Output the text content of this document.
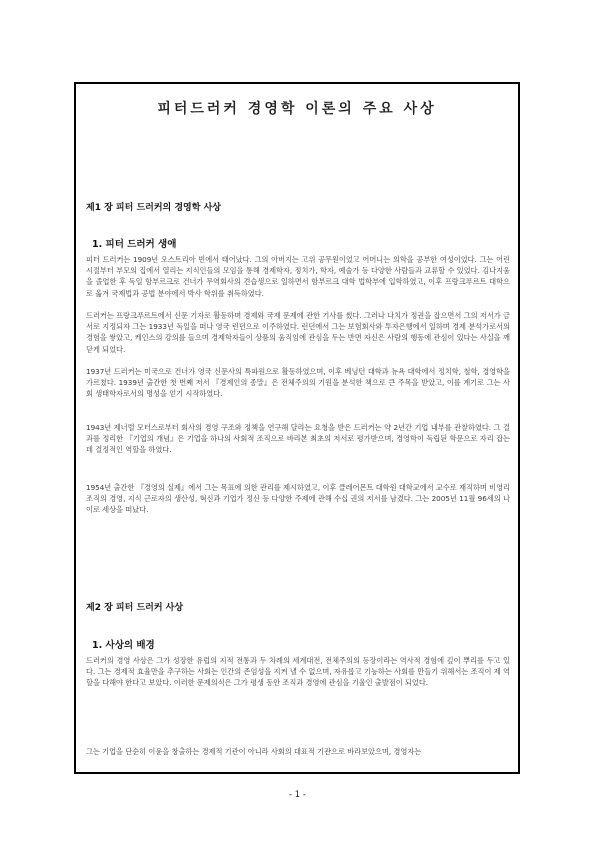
피터드러커 경영학 이론의 주요 사상
제1 장 피터 드러커의 경영학 사상
1. 피터 드러커 생애

피터 드러커는 1909년 오스트리아 빈에서 태어났다. 그의 아버지는 고위 공무원이었고 어머니는 의학을 공부한 여성이었다. 그는 어린 시절부터 부모의 집에서 열리는 지식인들의 모임을 통해 경제학자, 정치가, 학자, 예술가 등 다양한 사람들과 교류할 수 있었다. 김나지움을 졸업한 후 독일 함부르크로 건너가 무역회사의 견습생으로 일하면서 함부르크 대학 법학부에 입학하였고, 이후 프랑크푸르트 대학으로 옮겨 국제법과 공법 분야에서 박사 학위를 취득하였다.

드러커는 프랑크푸르트에서 신문 기자로 활동하며 경제와 국제 문제에 관한 기사를 썼다. 그러나 나치가 정권을 잡으면서 그의 저서가 금서로 지정되자 그는 1933년 독일을 떠나 영국 런던으로 이주하였다. 런던에서 그는 보험회사와 투자은행에서 일하며 경제 분석가로서의 경험을 쌓았고, 케인스의 강의를 들으며 경제학자들이 상품의 움직임에 관심을 두는 반면 자신은 사람의 행동에 관심이 있다는 사실을 깨닫게 되었다.

1937년 드러커는 미국으로 건너가 영국 신문사의 특파원으로 활동하였으며, 이후 베닝턴 대학과 뉴욕 대학에서 정치학, 철학, 경영학을 가르쳤다. 1939년 출간한 첫 번째 저서 『경제인의 종말』은 전체주의의 기원을 분석한 책으로 큰 주목을 받았고, 이를 계기로 그는 사회 생태학자로서의 명성을 얻기 시작하였다.

1943년 제너럴 모터스로부터 회사의 경영 구조와 정책을 연구해 달라는 요청을 받은 드러커는 약 2년간 기업 내부를 관찰하였다. 그 결과를 정리한 『기업의 개념』은 기업을 하나의 사회적 조직으로 바라본 최초의 저서로 평가받으며, 경영학이 독립된 학문으로 자리 잡는 데 결정적인 역할을 하였다.

1954년 출간한 『경영의 실제』에서 그는 목표에 의한 관리를 제시하였고, 이후 클레어몬트 대학원 대학교에서 교수로 재직하며 비영리 조직의 경영, 지식 근로자의 생산성, 혁신과 기업가 정신 등 다양한 주제에 관해 수십 권의 저서를 남겼다. 그는 2005년 11월 96세의 나이로 세상을 떠났다.

제2 장 피터 드러커 사상
1. 사상의 배경

드러커의 경영 사상은 그가 성장한 유럽의 지적 전통과 두 차례의 세계대전, 전체주의의 등장이라는 역사적 경험에 깊이 뿌리를 두고 있다. 그는 경제적 효율만을 추구하는 사회는 인간의 존엄성을 지켜 낼 수 없으며, 자유롭고 기능하는 사회를 만들기 위해서는 조직이 제 역할을 다해야 한다고 보았다. 이러한 문제의식은 그가 평생 동안 조직과 경영에 관심을 기울인 출발점이 되었다.

그는 기업을 단순히 이윤을 창출하는 경제적 기관이 아니라 사회의 대표적 기관으로 바라보았으며, 경영자는

- 1 -
